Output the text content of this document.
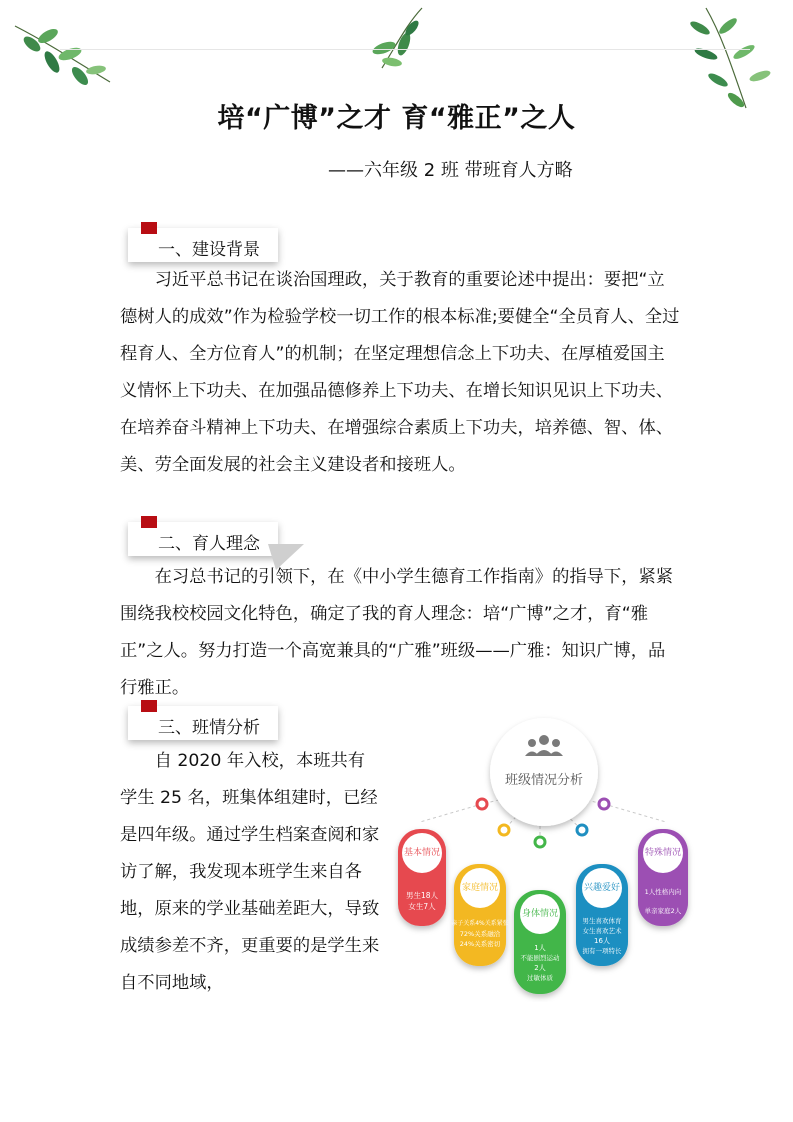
培“广博”之才 育“雅正”之人
——六年级 2 班 带班育人方略
一、建设背景

习近平总书记在谈治国理政，关于教育的重要论述中提出：要把“立德树人的成效”作为检验学校一切工作的根本标准;要健全“全员育人、全过程育人、全方位育人”的机制；在坚定理想信念上下功夫、在厚植爱国主义情怀上下功夫、在加强品德修养上下功夫、在增长知识见识上下功夫、在培养奋斗精神上下功夫、在增强综合素质上下功夫，培养德、智、体、美、劳全面发展的社会主义建设者和接班人。

二、育人理念

在习总书记的引领下，在《中小学生德育工作指南》的指导下，紧紧围绕我校校园文化特色，确定了我的育人理念：培“广博”之才，育“雅正”之人。努力打造一个高宽兼具的“广雅”班级——广雅：知识广博，品行雅正。

三、班情分析

自 2020 年入校，本班共有学生 25 名，班集体组建时，已经是四年级。通过学生档案查阅和家访了解，我发现本班学生来自各地，原来的学业基础差距大，导致成绩参差不齐，更重要的是学生来自不同地域，

班级情况分析
基本情况
男生18人
女生7人
家庭情况
亲子关系4%关系紧张
72%关系融洽
24%关系密切
身体情况
1人
不能剧烈运动
2人
过敏体质
兴趣爱好
男生喜欢体育
女生喜欢艺术
16人
拥有一项特长
特殊情况
1人性格内向
单亲家庭2人
